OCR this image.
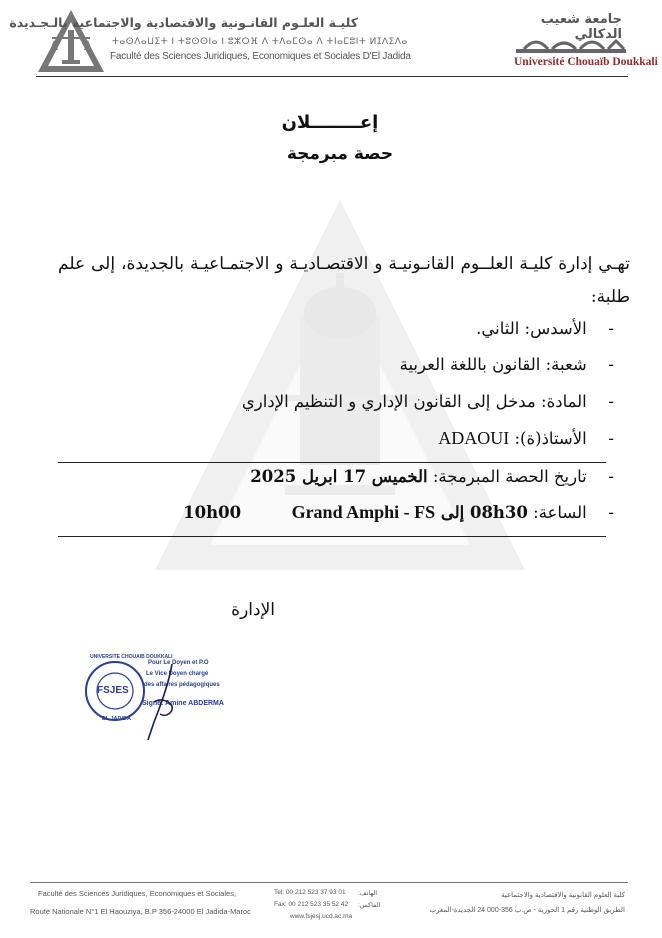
كليـة العلـوم القانـونية والاقتصادية والاجتماعية بالـجـديدة
ⵜⴰⵙⴷⴰⵡⵉⵜ ⵏ ⵜⵓⵙⵙⵏⴰ ⵏ ⵓⵣⵔⴼ ⴷ ⵜⴷⴰⵎⵙⴰ ⴷ ⵜⵏⴰⵎⵓⵏⵜ ⵍⵊⴷⵉⴷⴰ
Faculté des Sciences Juridiques, Economiques et Sociales D'El Jadida
جامعة شعيب الدكالي
Université Chouaïb Doukkali
إعــــــــلان
حصة مبرمجة
تهـي إدارة كليـة العلــوم القانـونيـة و الاقتصـاديـة و الاجتمـاعيـة بالجديدة، إلى علم طلبة:
- الأسدس: الثاني.
- شعبة: القانون باللغة العربية
- المادة: مدخل إلى القانون الإداري و التنظيم الإداري
- الأستاذ(ة): ADAOUI
- تاريخ الحصة المبرمجة: الخميس 17 ابريل 2025
- الساعة: 08h30 إلى 10h00  Grand Amphi - FS
الإدارة
FSJES
UNIVERSITE CHOUAIB DOUKKALI
EL JADIDA
Pour Le Doyen et P.O
Le Vice Doyen chargé
des affaires pédagogiques
Signé: Amine ABDERMA
Faculté des Sciences Juridiques, Economiques et Sociales,
Route Nationale N°1 El Haouziya, B.P 356-24000 El Jadida-Maroc
Tel: 00 212 523 37 93 01 الهاتف:
Fax: 00 212 523 35 52 42 الفاكس:
www.fsjesj.ucd.ac.ma
كلية العلوم القانونية والاقتصادية والاجتماعية
الطريق الوطنية رقم 1 الحوزية - ص.ب 356-000 24 الجديدة-المغرب
